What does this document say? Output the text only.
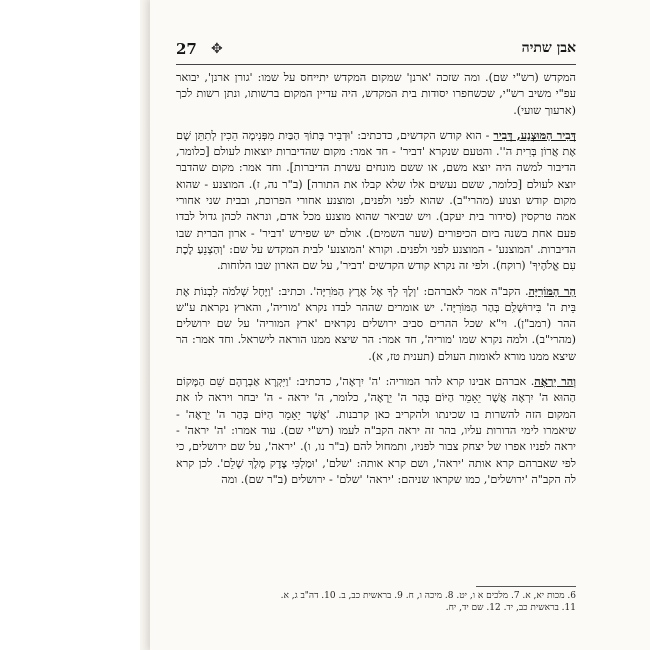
27 ✥	אבן שתיה

המקדש (רש"י שם). ומה שזכה 'ארנן' שמקום המקדש יתייחס על שמו: 'גורן ארנן', יבואר עפ"י משיב רש"י, שכשחפרו יסודות בית המקדש, היה עדיין המקום ברשותו, ונתן רשות לכך (ארעוך שועי).

דְּבִיר הַמּוּצְנָע, דְּבִיר - הוא קודש הקדשים, כדכתיב: 'וּדְבִיר בְּתוֹךְ הַבַּיִת מִפְּנִימָה הֵכִין לְתִתֵּן שָׁם אֶת אֲרוֹן בְּרִית ה''. והטעם שנקרא 'דביר' - חד אמר: מקום שהדיברות יוצאות לעולם [כלומר, הדיבור למשה היה יוצא משם, או ששם מונחים עשרת הדיברות]. וחד אמר: מקום שהדבר יוצא לעולם [כלומר, ששם נעשים אלו שלא קבלו את התורה] (ב"ר נה, ז). המוצנע - שהוא מקום קודש וצנוע (מהרי"ב). שהוא לפני ולפנים, ומוצנע אחורי הפרוכת, ובבית שני אחורי אמה טרקסין (סידור בית יעקב). ויש שביאר שהוא מוצנע מכל אדם, ונראה לכהן גדול לבדו פעם אחת בשנה ביום הכיפורים (שער השמים). אולם יש שפירש 'דביר' - ארון הברית שבו הדיברות. 'המוצנע' - המוצנע לפני ולפנים. וקורא 'המוצנע' לבית המקדש על שם: 'וְהַצְנֵעַ לֶכֶת עִם אֱלֹהֶיךָ' (רוקח). ולפי זה נקרא קודש הקדשים 'דביר', על שם הארון שבו הלוחות.

הַר הַמּוֹרִיָּה. הקב"ה אמר לאברהם: 'וְלֶךְ לְךָ אֶל אֶרֶץ הַמֹּרִיָּה'. וכתיב: 'וַיָּחֶל שְׁלֹמֹה לִבְנוֹת אֶת בֵּית ה' בִּירוּשָׁלִַם בְּהַר הַמּוֹרִיָּה'. יש אומרים שההר לבדו נקרא 'מוריה', והארץ נקראת ע"ש ההר (רמב"ן). וי"א שכל ההרים סביב ירושלים נקראים 'ארץ המוריה' על שם ירושלים (מהרי"ב). ולמה נקרא שמו 'מוריה', חד אמר: הר שיצא ממנו הוראה לישראל. וחד אמר: הר שיצא ממנו מורא לאומות העולם (תענית טז, א).

וְהַר יֵרָאֶה. אברהם אבינו קרא להר המוריה: 'ה' יִרְאֶה', כדכתיב: 'וַיִּקְרָא אַבְרָהָם שֵׁם הַמָּקוֹם הַהוּא ה' יִרְאֶה אֲשֶׁר יֵאָמֵר הַיּוֹם בְּהַר ה' יֵרָאֶה', כלומר, ה' יראה - ה' יבחר ויראה לו את המקום הזה להשרות בו שכינתו ולהקריב כאן קרבנות. 'אֲשֶׁר יֵאָמֵר הַיּוֹם בְּהַר ה' יֵרָאֶה' - שיאמרו לימי הדורות עליו, בהר זה יראה הקב"ה לעמו (רש"י שם). עוד אמרו: 'ה' יראה' - יראה לפניו אפרו של יצחק צבור לפניו, ותמחול להם (ב"ר נו, ו). 'יראה', על שם ירושלים, כי לפי שאברהם קרא אותה 'יראה', ושם קרא אותה: 'שלם', 'וּמַלְכִּי צֶדֶק מֶלֶךְ שָׁלֵם'. לכן קרא לה הקב"ה 'ירושלים', כמו שקראו שניהם: 'יראה' 'שלם' - ירושלים (ב"ר שם). ומה

6. מכות יא, א. 7. מלכים א ו, יט. 8. מיכה ו, ח. 9. בראשית כב, ב. 10. דה"ב ג, א.
11. בראשית כב, יד. 12. שם יד, יח.
